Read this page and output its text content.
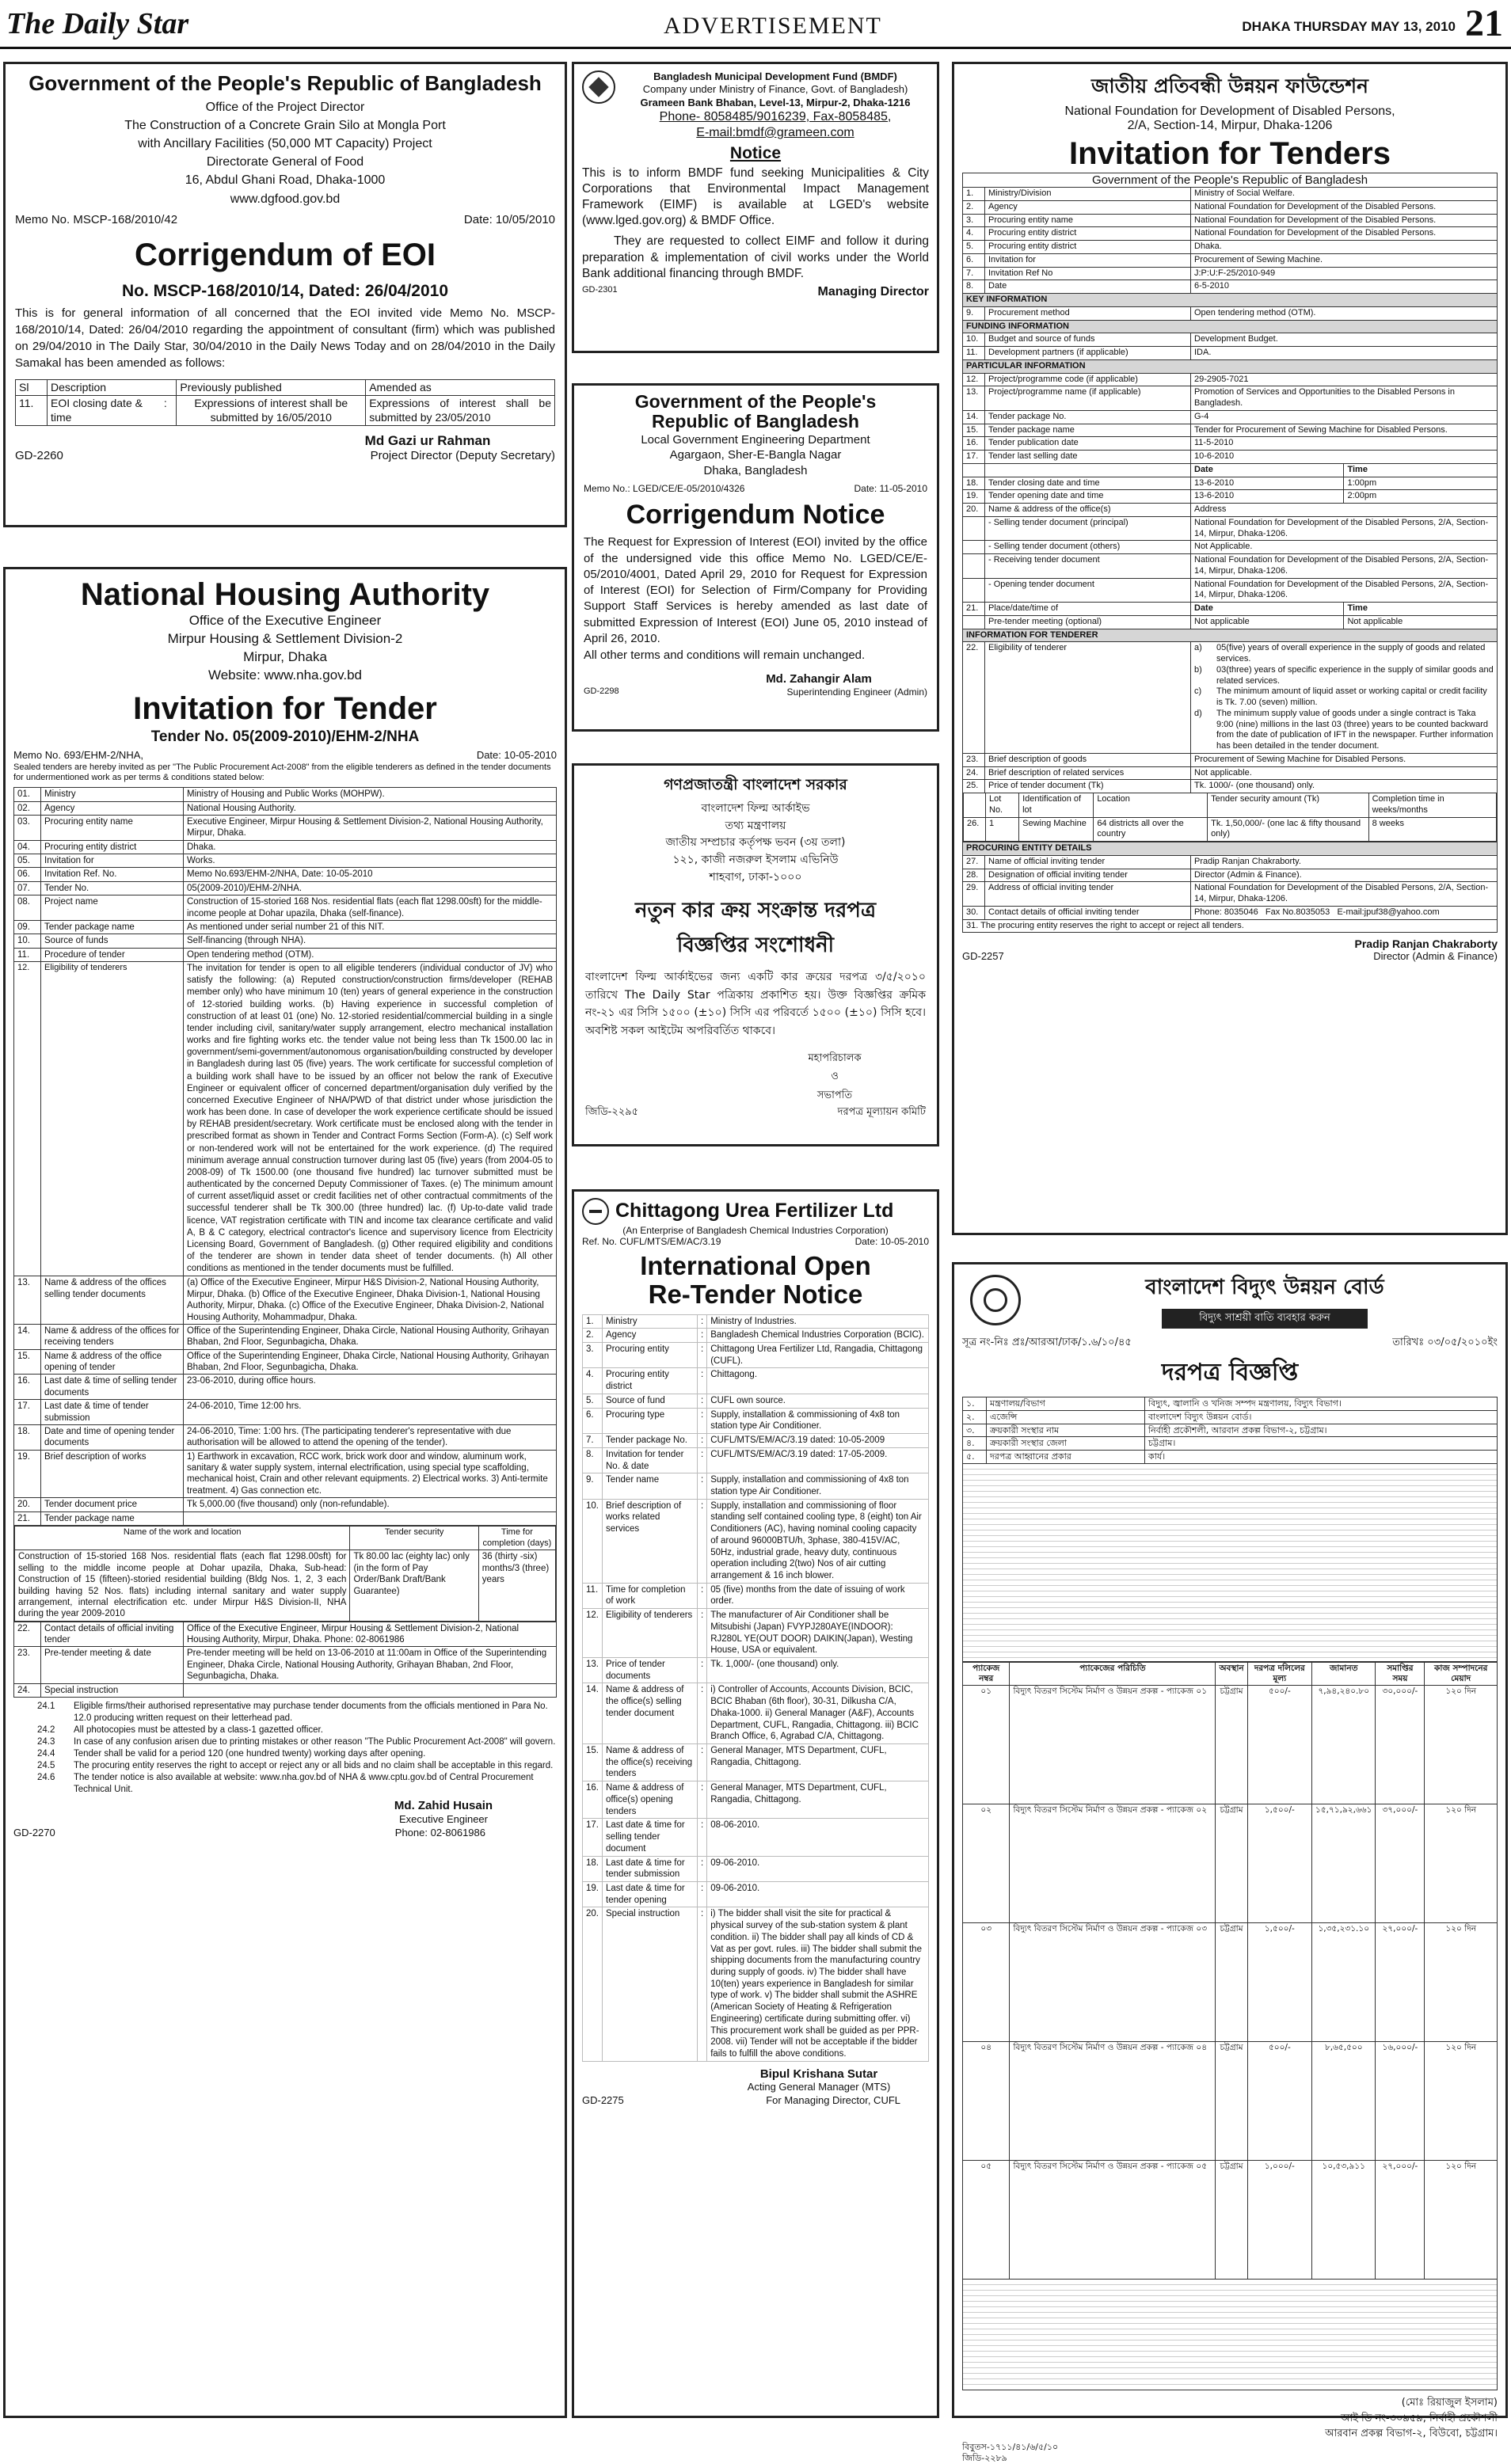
The Daily Star	ADVERTISEMENT	DHAKA THURSDAY MAY 13, 2010 21
Government of the People's Republic of Bangladesh
Office of the Project Director
The Construction of a Concrete Grain Silo at Mongla Port
with Ancillary Facilities (50,000 MT Capacity) Project
Directorate General of Food
16, Abdul Ghani Road, Dhaka-1000
www.dgfood.gov.bd
Memo No. MSCP-168/2010/42	Date: 10/05/2010
Corrigendum of EOI
No. MSCP-168/2010/14, Dated: 26/04/2010
This is for general information of all concerned that the EOI invited vide Memo No. MSCP-168/2010/14, Dated: 26/04/2010 regarding the appointment of consultant (firm) which was published on 29/04/2010 in The Daily Star, 30/04/2010 in the Daily News Today and on 28/04/2010 in the Daily Samakal has been amended as follows:
Sl	Description		Previously published	Amended as
11.	EOI closing date & time	:	Expressions of interest shall be submitted by 16/05/2010	Expressions of interest shall be submitted by 23/05/2010
Md Gazi ur Rahman
GD-2260	Project Director (Deputy Secretary)
National Housing Authority
Office of the Executive Engineer
Mirpur Housing & Settlement Division-2
Mirpur, Dhaka
Website: www.nha.gov.bd
Invitation for Tender
Tender No. 05(2009-2010)/EHM-2/NHA
Memo No. 693/EHM-2/NHA,	Date: 10-05-2010
Sealed tenders are hereby invited as per "The Public Procurement Act-2008" from the eligible tenderers as defined in the tender documents for undermentioned work as per terms & conditions stated below:
01.	Ministry	Ministry of Housing and Public Works (MOHPW).
02.	Agency	National Housing Authority.
03.	Procuring entity name	Executive Engineer, Mirpur Housing & Settlement Division-2, National Housing Authority, Mirpur, Dhaka.
04.	Procuring entity district	Dhaka.
05.	Invitation for	Works.
06.	Invitation Ref. No.	Memo No.693/EHM-2/NHA, Date: 10-05-2010
07.	Tender No.	05(2009-2010)/EHM-2/NHA.
08.	Project name	Construction of 15-storied 168 Nos. residential flats (each flat 1298.00sft) for the middle-income people at Dohar upazila, Dhaka (self-finance).
09.	Tender package name	As mentioned under serial number 21 of this NIT.
10.	Source of funds	Self-financing (through NHA).
11.	Procedure of tender	Open tendering method (OTM).
12.	Eligibility of tenderers	The invitation for tender is open to all eligible tenderers (individual conductor of JV) who satisfy the following: (a) Reputed construction/construction firms/developer (REHAB member only) who have minimum 10 (ten) years of general experience in the construction of 12-storied building works. (b) Having experience in successful completion of construction of at least 01 (one) No. 12-storied residential/commercial building in a single tender including civil, sanitary/water supply arrangement, electro mechanical installation works and fire fighting works etc. the tender value not being less than Tk 1500.00 lac in government/semi-government/autonomous organisation/building constructed by developer in Bangladesh during last 05 (five) years. The work certificate for successful completion of a building work shall have to be issued by an officer not below the rank of Executive Engineer or equivalent officer of concerned department/organisation duly verified by the concerned Executive Engineer of NHA/PWD of that district under whose jurisdiction the work has been done. In case of developer the work experience certificate should be issued by REHAB president/secretary. Work certificate must be enclosed along with the tender in prescribed format as shown in Tender and Contract Forms Section (Form-A). (c) Self work or non-tendered work will not be entertained for the work experience. (d) The required minimum average annual construction turnover during last 05 (five) years (from 2004-05 to 2008-09) of Tk 1500.00 (one thousand five hundred) lac turnover submitted must be authenticated by the concerned Deputy Commissioner of Taxes. (e) The minimum amount of current asset/liquid asset or credit facilities net of other contractual commitments of the successful tenderer shall be Tk 300.00 (three hundred) lac. (f) Up-to-date valid trade licence, VAT registration certificate with TIN and income tax clearance certificate and valid A, B & C category, electrical contractor's licence and supervisory licence from Electricity Licensing Board, Government of Bangladesh. (g) Other required eligibility and conditions of the tenderer are shown in tender data sheet of tender documents. (h) All other conditions as mentioned in the tender documents must be fulfilled.
13.	Name & address of the offices selling tender documents	(a) Office of the Executive Engineer, Mirpur H&S Division-2, National Housing Authority, Mirpur, Dhaka. (b) Office of the Executive Engineer, Dhaka Division-1, National Housing Authority, Mirpur, Dhaka. (c) Office of the Executive Engineer, Dhaka Division-2, National Housing Authority, Mohammadpur, Dhaka.
14.	Name & address of the offices for receiving tenders	Office of the Superintending Engineer, Dhaka Circle, National Housing Authority, Grihayan Bhaban, 2nd Floor, Segunbagicha, Dhaka.
15.	Name & address of the office opening of tender	Office of the Superintending Engineer, Dhaka Circle, National Housing Authority, Grihayan Bhaban, 2nd Floor, Segunbagicha, Dhaka.
16.	Last date & time of selling tender documents	23-06-2010, during office hours.
17.	Last date & time of tender submission	24-06-2010, Time 12:00 hrs.
18.	Date and time of opening tender documents	24-06-2010, Time: 1:00 hrs. (The participating tenderer's representative with due authorisation will be allowed to attend the opening of the tender).
19.	Brief description of works	1) Earthwork in excavation, RCC work, brick work door and window, aluminum work, sanitary & water supply system, internal electrification, using special type scaffolding, mechanical hoist, Crain and other relevant equipments. 2) Electrical works. 3) Anti-termite treatment. 4) Gas connection etc.
20.	Tender document price	Tk 5,000.00 (five thousand) only (non-refundable).
21.	Tender package name	

Name of the work and location	Tender security	Time for completion (days)
Construction of 15-storied 168 Nos. residential flats (each flat 1298.00sft) for selling to the middle income people at Dohar upazila, Dhaka, Sub-head: Construction of 15 (fifteen)-storied residential building (Bldg Nos. 1, 2, 3 each building having 52 Nos. flats) including internal sanitary and water supply arrangement, internal electrification etc. under Mirpur H&S Division-II, NHA during the year 2009-2010	Tk 80.00 lac (eighty lac) only (in the form of Pay Order/Bank Draft/Bank Guarantee)	36 (thirty -six) months/3 (three) years

22.	Contact details of official inviting tender	Office of the Executive Engineer, Mirpur Housing & Settlement Division-2, National Housing Authority, Mirpur, Dhaka. Phone: 02-8061986
23.	Pre-tender meeting & date	Pre-tender meeting will be held on 13-06-2010 at 11:00am in Office of the Superintending Engineer, Dhaka Circle, National Housing Authority, Grihayan Bhaban, 2nd Floor, Segunbagicha, Dhaka.
24.	Special instruction	
24.1	Eligible firms/their authorised representative may purchase tender documents from the officials mentioned in Para No. 12.0 producing written request on their letterhead pad.
24.2	All photocopies must be attested by a class-1 gazetted officer.
24.3	In case of any confusion arisen due to printing mistakes or other reason "The Public Procurement Act-2008" will govern.
24.4	Tender shall be valid for a period 120 (one hundred twenty) working days after opening.
24.5	The procuring entity reserves the right to accept or reject any or all bids and no claim shall be acceptable in this regard.
24.6	The tender notice is also available at website: www.nha.gov.bd of NHA & www.cptu.gov.bd of Central Procurement Technical Unit.
Md. Zahid Husain
Executive Engineer
GD-2270	Phone: 02-8061986
Bangladesh Municipal Development Fund (BMDF)
Company under Ministry of Finance, Govt. of Bangladesh)
Grameen Bank Bhaban, Level-13, Mirpur-2, Dhaka-1216
Phone- 8058485/9016239, Fax-8058485,
E-mail:bmdf@grameen.com
Notice
This is to inform BMDF fund seeking Municipalities & City Corporations that Environmental Impact Management Framework (EIMF) is available at LGED's website (www.lged.gov.org) & BMDF Office.
They are requested to collect EIMF and follow it during preparation & implementation of civil works under the World Bank additional financing through BMDF.
GD-2301	Managing Director
Government of the People's
Republic of Bangladesh
Local Government Engineering Department
Agargaon, Sher-E-Bangla Nagar
Dhaka, Bangladesh
Memo No.: LGED/CE/E-05/2010/4326	Date: 11-05-2010
Corrigendum Notice
The Request for Expression of Interest (EOI) invited by the office of the undersigned vide this office Memo No. LGED/CE/E-05/2010/4001, Dated April 29, 2010 for Request for Expression of Interest (EOI) for Selection of Firm/Company for Providing Support Staff Services is hereby amended as last date of submitted Expression of Interest (EOI) June 05, 2010 instead of April 26, 2010.
All other terms and conditions will remain unchanged.
Md. Zahangir Alam
GD-2298	Superintending Engineer (Admin)
গণপ্রজাতন্ত্রী বাংলাদেশ সরকার
বাংলাদেশ ফিল্ম আর্কাইভ
তথ্য মন্ত্রণালয়
জাতীয় সম্প্রচার কর্তৃপক্ষ ভবন (৩য় তলা)
১২১, কাজী নজরুল ইসলাম এভিনিউ
শাহবাগ, ঢাকা-১০০০
নতুন কার ক্রয় সংক্রান্ত দরপত্র
বিজ্ঞপ্তির সংশোধনী
বাংলাদেশ ফিল্ম আর্কাইভের জন্য একটি কার ক্রয়ের দরপত্র ৩/৫/২০১০ তারিখে The Daily Star পত্রিকায় প্রকাশিত হয়। উক্ত বিজ্ঞপ্তির ক্রমিক নং-২১ এর সিসি ১৫০০ (±১০) সিসি এর পরিবর্তে ১৫০০ (±১০) সিসি হবে। অবশিষ্ট সকল আইটেম অপরিবর্তিত থাকবে।
মহাপরিচালক
ও
সভাপতি
জিডি-২২৯৫	দরপত্র মূল্যায়ন কমিটি
Chittagong Urea Fertilizer Ltd
(An Enterprise of Bangladesh Chemical Industries Corporation)
Ref. No. CUFL/MTS/EM/AC/3.19	Date: 10-05-2010
International Open
Re-Tender Notice
1.	Ministry	:	Ministry of Industries.
2.	Agency	:	Bangladesh Chemical Industries Corporation (BCIC).
3.	Procuring entity	:	Chittagong Urea Fertilizer Ltd, Rangadia, Chittagong (CUFL).
4.	Procuring entity district	:	Chittagong.
5.	Source of fund	:	CUFL own source.
6.	Procuring type	:	Supply, installation & commissioning of 4x8 ton station type Air Conditioner.
7.	Tender package No.	:	CUFL/MTS/EM/AC/3.19 dated: 10-05-2009
8.	Invitation for tender No. & date	:	CUFL/MTS/EM/AC/3.19 dated: 17-05-2009.
9.	Tender name	:	Supply, installation and commissioning of 4x8 ton station type Air Conditioner.
10.	Brief description of works related services	:	Supply, installation and commissioning of floor standing self contained cooling type, 8 (eight) ton Air Conditioners (AC), having nominal cooling capacity of around 96000BTU/h, 3phase, 380-415V/AC, 50Hz, industrial grade, heavy duty, continuous operation including 2(two) Nos of air cutting arrangement & 16 inch blower.
11.	Time for completion of work	:	05 (five) months from the date of issuing of work order.
12.	Eligibility of tenderers	:	The manufacturer of Air Conditioner shall be Mitsubishi (Japan) FVYPJ280AYE(INDOOR): RJ280L YE(OUT DOOR) DAIKIN(Japan), Westing House, USA or equivalent.
13.	Price of tender documents	:	Tk. 1,000/- (one thousand) only.
14.	Name & address of the office(s) selling tender document	:	i) Controller of Accounts, Accounts Division, BCIC, BCIC Bhaban (6th floor), 30-31, Dilkusha C/A, Dhaka-1000. ii) General Manager (A&F), Accounts Department, CUFL, Rangadia, Chittagong. iii) BCIC Branch Office, 6, Agrabad C/A, Chittagong.
15.	Name & address of the office(s) receiving tenders	:	General Manager, MTS Department, CUFL, Rangadia, Chittagong.
16.	Name & address of office(s) opening tenders	:	General Manager, MTS Department, CUFL, Rangadia, Chittagong.
17.	Last date & time for selling tender document	:	08-06-2010.
18.	Last date & time for tender submission	:	09-06-2010.
19.	Last date & time for tender opening	:	09-06-2010.
20.	Special instruction	:	i) The bidder shall visit the site for practical & physical survey of the sub-station system & plant condition. ii) The bidder shall pay all kinds of CD & Vat as per govt. rules. iii) The bidder shall submit the shipping documents from the manufacturing country during supply of goods. iv) The bidder shall have 10(ten) years experience in Bangladesh for similar type of work. v) The bidder shall submit the ASHRE (American Society of Heating & Refrigeration Engineering) certificate during submitting offer. vi) This procurement work shall be guided as per PPR-2008. vii) Tender will not be acceptable if the bidder fails to fulfill the above conditions.
Bipul Krishana Sutar
Acting General Manager (MTS)
GD-2275	For Managing Director, CUFL
জাতীয় প্রতিবন্ধী উন্নয়ন ফাউন্ডেশন
National Foundation for Development of Disabled Persons,
2/A, Section-14, Mirpur, Dhaka-1206
Invitation for Tenders
Government of the People's Republic of Bangladesh
1.	Ministry/Division	Ministry of Social Welfare.
2.	Agency	National Foundation for Development of the Disabled Persons.
3.	Procuring entity name	National Foundation for Development of the Disabled Persons.
4.	Procuring entity district	National Foundation for Development of the Disabled Persons.
5.	Procuring entity district	Dhaka.
6.	Invitation for	Procurement of Sewing Machine.
7.	Invitation Ref No	J:P:U:F-25/2010-949
8.	Date	6-5-2010
KEY INFORMATION
9.	Procurement method	Open tendering method (OTM).
FUNDING INFORMATION
10.	Budget and source of funds	Development Budget.
11.	Development partners (if applicable)	IDA.
PARTICULAR INFORMATION
12.	Project/programme code (if applicable)	29-2905-7021
13.	Project/programme name (if applicable)	Promotion of Services and Opportunities to the Disabled Persons in Bangladesh.
14.	Tender package No.	G-4
15.	Tender package name	Tender for Procurement of Sewing Machine for Disabled Persons.
16.	Tender publication date	11-5-2010
17.	Tender last selling date	10-6-2010
		Date	Time
18.	Tender closing date and time	13-6-2010	1:00pm
19.	Tender opening date and time	13-6-2010	2:00pm
20.	Name & address of the office(s)	Address
	- Selling tender document (principal)	National Foundation for Development of the Disabled Persons, 2/A, Section-14, Mirpur, Dhaka-1206.
	- Selling tender document (others)	Not Applicable.
	- Receiving tender document	National Foundation for Development of the Disabled Persons, 2/A, Section-14, Mirpur, Dhaka-1206.
	- Opening tender document	National Foundation for Development of the Disabled Persons, 2/A, Section-14, Mirpur, Dhaka-1206.
21.	Place/date/time of	Date	Time
	Pre-tender meeting (optional)	Not applicable	Not applicable
INFORMATION FOR TENDERER
22.	Eligibility of tenderer	a)	05(five) years of overall experience in the supply of goods and related services.
b)	03(three) years of specific experience in the supply of similar goods and related services.
c)	The minimum amount of liquid asset or working capital or credit facility is Tk. 7.00 (seven) million.
d)	The minimum supply value of goods under a single contract is Taka 9:00 (nine) millions in the last 03 (three) years to be counted backward from the date of publication of IFT in the newspaper. Further information has been detailed in the tender document.

23.	Brief description of goods	Procurement of Sewing Machine for Disabled Persons.
24.	Brief description of related services	Not applicable.
25.	Price of tender document (Tk)	Tk. 1000/- (one thousand) only.

	Lot No.	Identification of lot	Location	Tender security amount (Tk)	Completion time in weeks/months
26.	1	Sewing Machine	64 districts all over the country	Tk. 1,50,000/- (one lac & fifty thousand only)	8 weeks

PROCURING ENTITY DETAILS
27.	Name of official inviting tender	Pradip Ranjan Chakraborty.
28.	Designation of official inviting tender	Director (Admin & Finance).
29.	Address of official inviting tender	National Foundation for Development of the Disabled Persons, 2/A, Section-14, Mirpur, Dhaka-1206.
30.	Contact details of official inviting tender	Phone: 8035046 Fax No.8035053 E-mail:jpuf38@yahoo.com
31. The procuring entity reserves the right to accept or reject all tenders.
Pradip Ranjan Chakraborty
GD-2257	Director (Admin & Finance)
বাংলাদেশ বিদ্যুৎ উন্নয়ন বোর্ড
বিদ্যুৎ সাশ্রয়ী বাতি ব্যবহার করুন
সূত্র নং-নিঃ প্রঃ/আরআ/ঢাক/১.৬/১০/৪৫	তারিখঃ ০৩/০৫/২০১০ইং
দরপত্র বিজ্ঞপ্তি
১.	মন্ত্রণালয়/বিভাগ	বিদ্যুৎ, জ্বালানি ও খনিজ সম্পদ মন্ত্রণালয়, বিদ্যুৎ বিভাগ।
২.	এজেন্সি	বাংলাদেশ বিদ্যুৎ উন্নয়ন বোর্ড।
৩.	ক্রয়কারী সংস্থার নাম	নির্বাহী প্রকৌশলী, আরবান প্রকল্প বিভাগ-২, চট্টগ্রাম।
৪.	ক্রয়কারী সংস্থার জেলা	চট্টগ্রাম।
৫.	দরপত্র আহ্বানের প্রকার	কার্য।
প্যাকেজ নম্বর	প্যাকেজের পরিচিতি	অবস্থান	দরপত্র দলিলের মূল্য	জামানত	সমাপ্তির সময়	কাজ সম্পাদনের মেয়াদ
০১	বিদ্যুৎ বিতরণ সিস্টেম নির্মাণ ও উন্নয়ন প্রকল্প - প্যাকেজ ০১	চট্টগ্রাম	৫০০/-	৭,৯৪,২৪০.৮০	৩০,০০০/-	১২০ দিন
০২	বিদ্যুৎ বিতরণ সিস্টেম নির্মাণ ও উন্নয়ন প্রকল্প - প্যাকেজ ০২	চট্টগ্রাম	১,৫০০/-	১৫,৭১,৯২,৬৬১	৩৭,০০০/-	১২০ দিন
০৩	বিদ্যুৎ বিতরণ সিস্টেম নির্মাণ ও উন্নয়ন প্রকল্প - প্যাকেজ ০৩	চট্টগ্রাম	১,৫০০/-	১,৩৫,২৩১.১০	২৭,০০০/-	১২০ দিন
০৪	বিদ্যুৎ বিতরণ সিস্টেম নির্মাণ ও উন্নয়ন প্রকল্প - প্যাকেজ ০৪	চট্টগ্রাম	৫০০/-	৮,৬৫,৫০০	১৬,০০০/-	১২০ দিন
০৫	বিদ্যুৎ বিতরণ সিস্টেম নির্মাণ ও উন্নয়ন প্রকল্প - প্যাকেজ ০৫	চট্টগ্রাম	১,০০০/-	১০,৫৩,৯১১	২৭,০০০/-	১২০ দিন
(মোঃ রিয়াজুল ইসলাম)
আই ডি নং-৩০৯৫৯, নির্বাহী প্রকৌশলী
আরবান প্রকল্প বিভাগ-২, বিউবো, চট্টগ্রাম।
বিবুতস-১৭১১/৪১/৬/৫/১০
জিডি-২২৮৯
